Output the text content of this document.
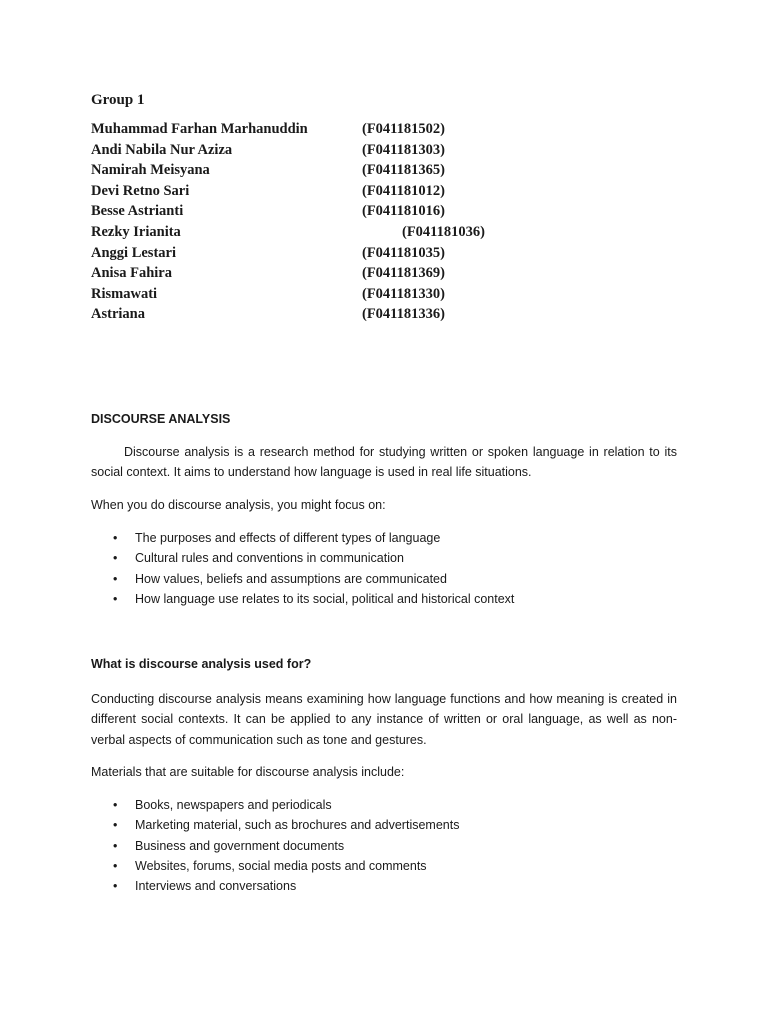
Group 1

Muhammad Farhan Marhanuddin	(F041181502)
Andi Nabila Nur Aziza	(F041181303)
Namirah Meisyana	(F041181365)
Devi Retno Sari	(F041181012)
Besse Astrianti	(F041181016)
Rezky Irianita	(F041181036)
Anggi Lestari	(F041181035)
Anisa Fahira	(F041181369)
Rismawati	(F041181330)
Astriana	(F041181336)

DISCOURSE ANALYSIS

Discourse analysis is a research method for studying written or spoken language in relation to its social context. It aims to understand how language is used in real life situations.

When you do discourse analysis, you might focus on:

• The purposes and effects of different types of language
• Cultural rules and conventions in communication
• How values, beliefs and assumptions are communicated
• How language use relates to its social, political and historical context

What is discourse analysis used for?

Conducting discourse analysis means examining how language functions and how meaning is created in different social contexts. It can be applied to any instance of written or oral language, as well as non-verbal aspects of communication such as tone and gestures.

Materials that are suitable for discourse analysis include:

• Books, newspapers and periodicals
• Marketing material, such as brochures and advertisements
• Business and government documents
• Websites, forums, social media posts and comments
• Interviews and conversations
